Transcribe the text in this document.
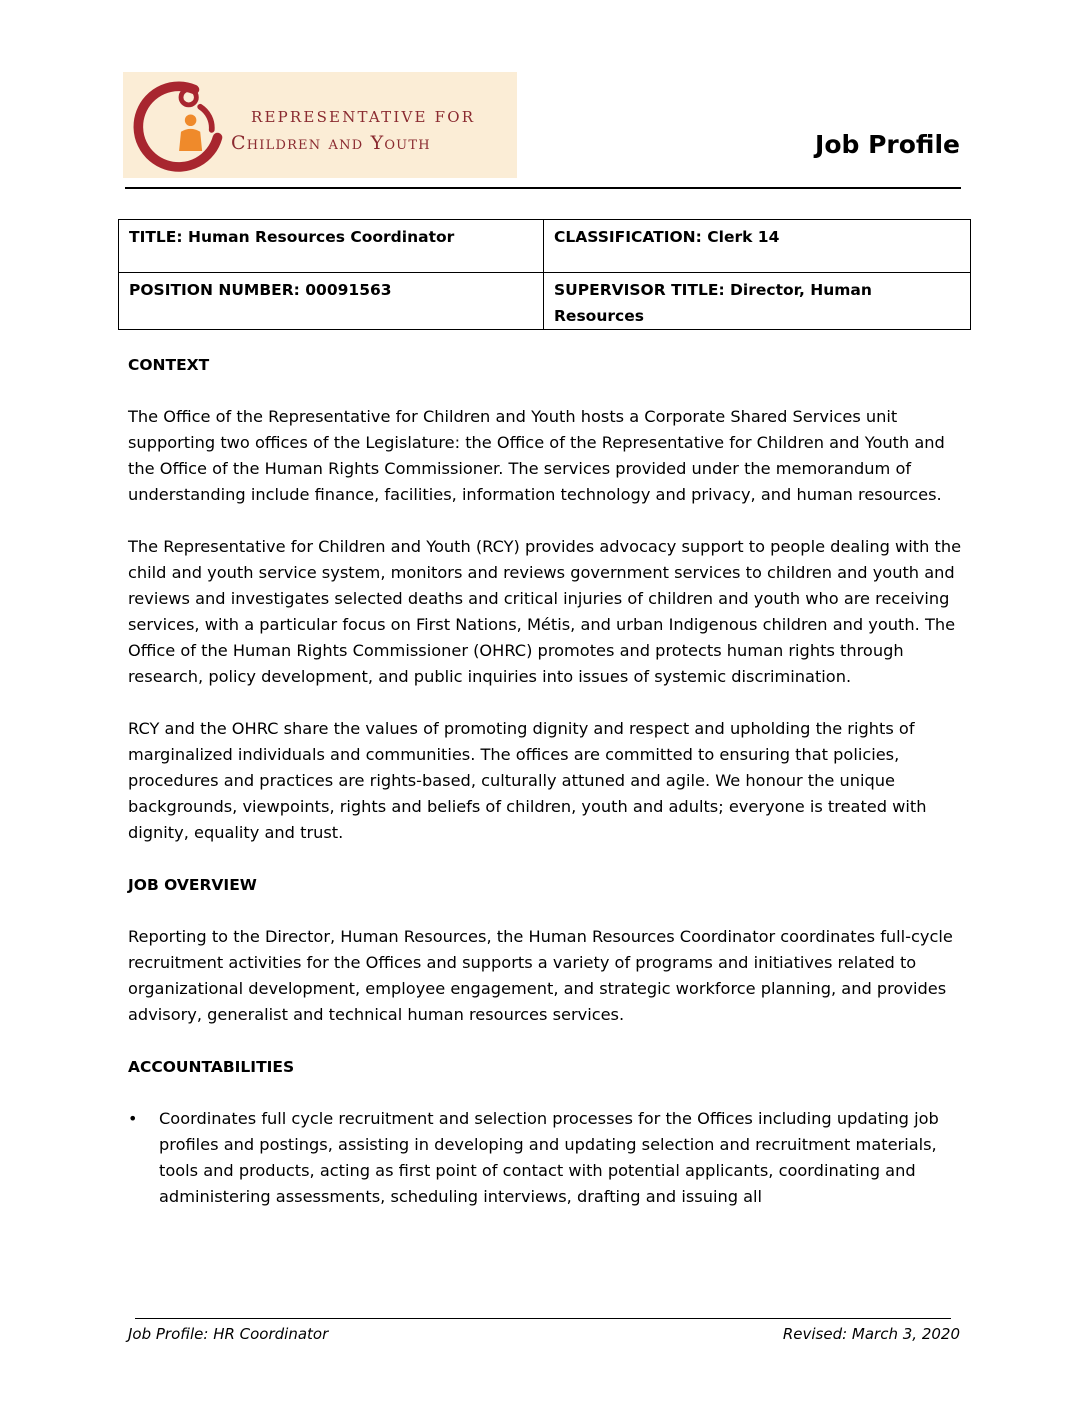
REPRESENTATIVE FOR
Children and Youth	Job Profile
TITLE: Human Resources Coordinator	CLASSIFICATION: Clerk 14
POSITION NUMBER: 00091563	SUPERVISOR TITLE: Director, Human Resources
CONTEXT

The Office of the Representative for Children and Youth hosts a Corporate Shared Services unit supporting two offices of the Legislature: the Office of the Representative for Children and Youth and the Office of the Human Rights Commissioner. The services provided under the memorandum of understanding include finance, facilities, information technology and privacy, and human resources.

The Representative for Children and Youth (RCY) provides advocacy support to people dealing with the child and youth service system, monitors and reviews government services to children and youth and reviews and investigates selected deaths and critical injuries of children and youth who are receiving services, with a particular focus on First Nations, Métis, and urban Indigenous children and youth. The Office of the Human Rights Commissioner (OHRC) promotes and protects human rights through research, policy development, and public inquiries into issues of systemic discrimination.

RCY and the OHRC share the values of promoting dignity and respect and upholding the rights of marginalized individuals and communities. The offices are committed to ensuring that policies, procedures and practices are rights-based, culturally attuned and agile. We honour the unique backgrounds, viewpoints, rights and beliefs of children, youth and adults; everyone is treated with dignity, equality and trust.

JOB OVERVIEW

Reporting to the Director, Human Resources, the Human Resources Coordinator coordinates full-cycle recruitment activities for the Offices and supports a variety of programs and initiatives related to organizational development, employee engagement, and strategic workforce planning, and provides advisory, generalist and technical human resources services.

ACCOUNTABILITIES
• Coordinates full cycle recruitment and selection processes for the Offices including updating job profiles and postings, assisting in developing and updating selection and recruitment materials, tools and products, acting as first point of contact with potential applicants, coordinating and administering assessments, scheduling interviews, drafting and issuing all
Job Profile: HR Coordinator	Revised: March 3, 2020
